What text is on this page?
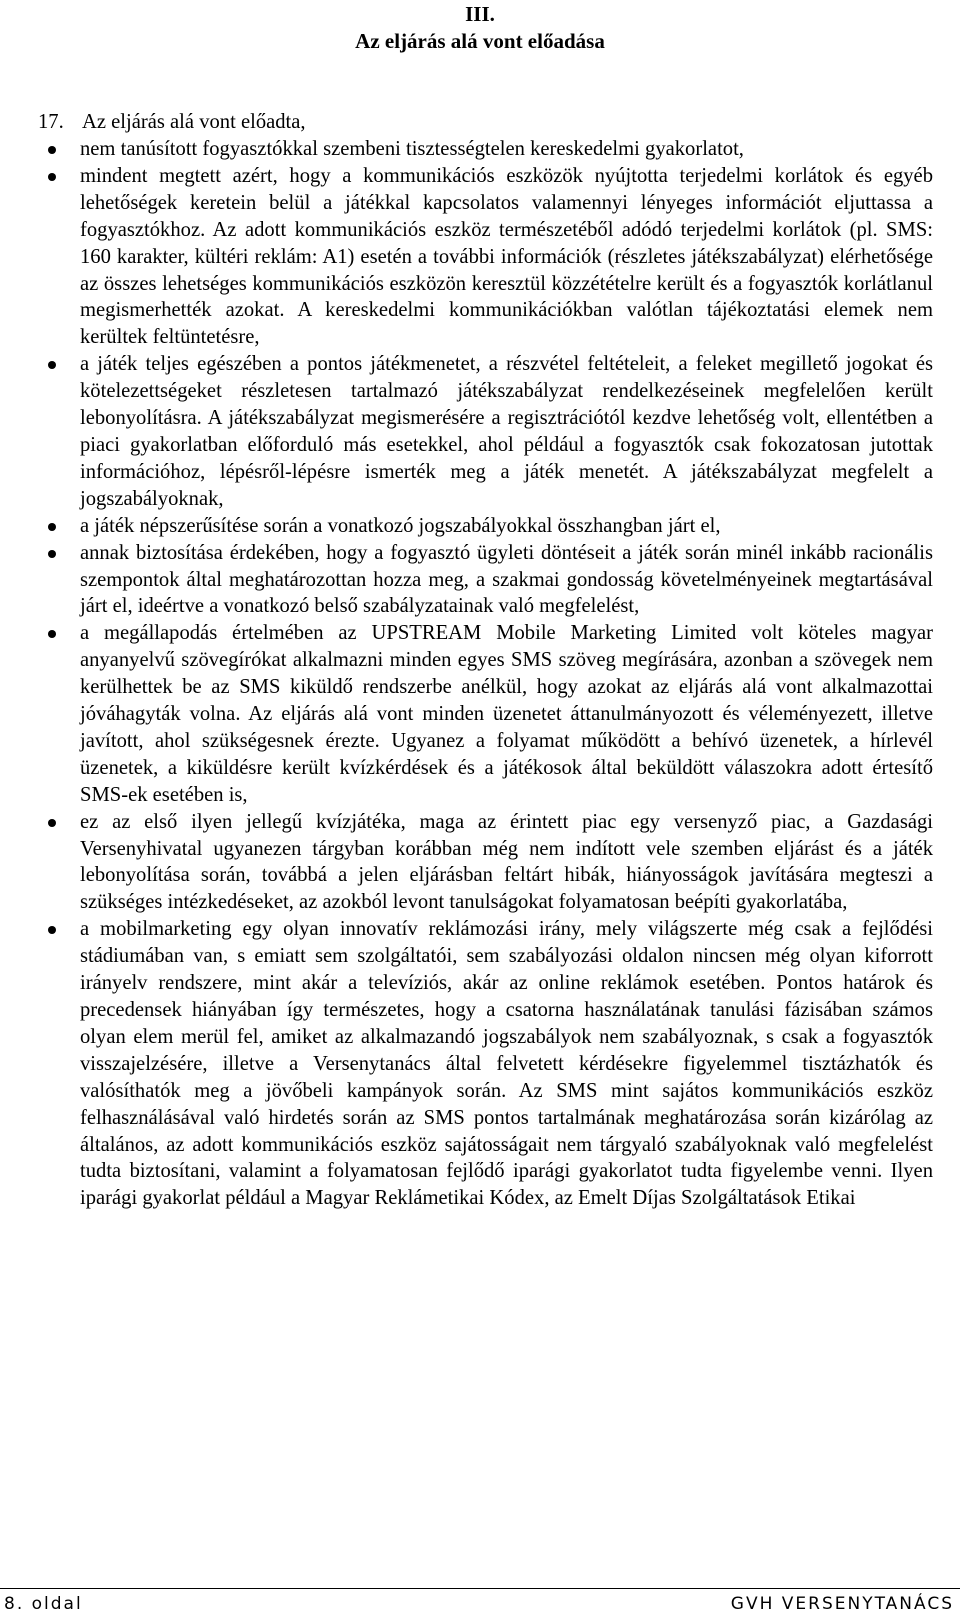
III.
Az eljárás alá vont előadása
17. Az eljárás alá vont előadta,
nem tanúsított fogyasztókkal szembeni tisztességtelen kereskedelmi gyakorlatot,
mindent megtett azért, hogy a kommunikációs eszközök nyújtotta terjedelmi korlátok és egyéb lehetőségek keretein belül a játékkal kapcsolatos valamennyi lényeges információt eljuttassa a fogyasztókhoz. Az adott kommunikációs eszköz természetéből adódó terjedelmi korlátok (pl. SMS: 160 karakter, kültéri reklám: A1) esetén a további információk (részletes játékszabályzat) elérhetősége az összes lehetséges kommunikációs eszközön keresztül közzétételre került és a fogyasztók korlátlanul megismerhették azokat. A kereskedelmi kommunikációkban valótlan tájékoztatási elemek nem kerültek feltüntetésre,
a játék teljes egészében a pontos játékmenetet, a részvétel feltételeit, a feleket megillető jogokat és kötelezettségeket részletesen tartalmazó játékszabályzat rendelkezéseinek megfelelően került lebonyolításra. A játékszabályzat megismerésére a regisztrációtól kezdve lehetőség volt, ellentétben a piaci gyakorlatban előforduló más esetekkel, ahol például a fogyasztók csak fokozatosan jutottak információhoz, lépésről-lépésre ismerték meg a játék menetét. A játékszabályzat megfelelt a jogszabályoknak,
a játék népszerűsítése során a vonatkozó jogszabályokkal összhangban járt el,
annak biztosítása érdekében, hogy a fogyasztó ügyleti döntéseit a játék során minél inkább racionális szempontok által meghatározottan hozza meg, a szakmai gondosság követelményeinek megtartásával járt el, ideértve a vonatkozó belső szabályzatainak való megfelelést,
a megállapodás értelmében az UPSTREAM Mobile Marketing Limited volt köteles magyar anyanyelvű szövegírókat alkalmazni minden egyes SMS szöveg megírására, azonban a szövegek nem kerülhettek be az SMS kiküldő rendszerbe anélkül, hogy azokat az eljárás alá vont alkalmazottai jóváhagyták volna. Az eljárás alá vont minden üzenetet áttanulmányozott és véleményezett, illetve javított, ahol szükségesnek érezte. Ugyanez a folyamat működött a behívó üzenetek, a hírlevél üzenetek, a kiküldésre került kvízkérdések és a játékosok által beküldött válaszokra adott értesítő SMS-ek esetében is,
ez az első ilyen jellegű kvízjátéka, maga az érintett piac egy versenyző piac, a Gazdasági Versenyhivatal ugyanezen tárgyban korábban még nem indított vele szemben eljárást és a játék lebonyolítása során, továbbá a jelen eljárásban feltárt hibák, hiányosságok javítására megteszi a szükséges intézkedéseket, az azokból levont tanulságokat folyamatosan beépíti gyakorlatába,
a mobilmarketing egy olyan innovatív reklámozási irány, mely világszerte még csak a fejlődési stádiumában van, s emiatt sem szolgáltatói, sem szabályozási oldalon nincsen még olyan kiforrott irányelv rendszere, mint akár a televíziós, akár az online reklámok esetében. Pontos határok és precedensek hiányában így természetes, hogy a csatorna használatának tanulási fázisában számos olyan elem merül fel, amiket az alkalmazandó jogszabályok nem szabályoznak, s csak a fogyasztók visszajelzésére, illetve a Versenytanács által felvetett kérdésekre figyelemmel tisztázhatók és valósíthatók meg a jövőbeli kampányok során. Az SMS mint sajátos kommunikációs eszköz felhasználásával való hirdetés során az SMS pontos tartalmának meghatározása során kizárólag az általános, az adott kommunikációs eszköz sajátosságait nem tárgyaló szabályoknak való megfelelést tudta biztosítani, valamint a folyamatosan fejlődő iparági gyakorlatot tudta figyelembe venni. Ilyen iparági gyakorlat például a Magyar Reklámetikai Kódex, az Emelt Díjas Szolgáltatások Etikai
8. oldal	GVH VERSENYTANÁCS
